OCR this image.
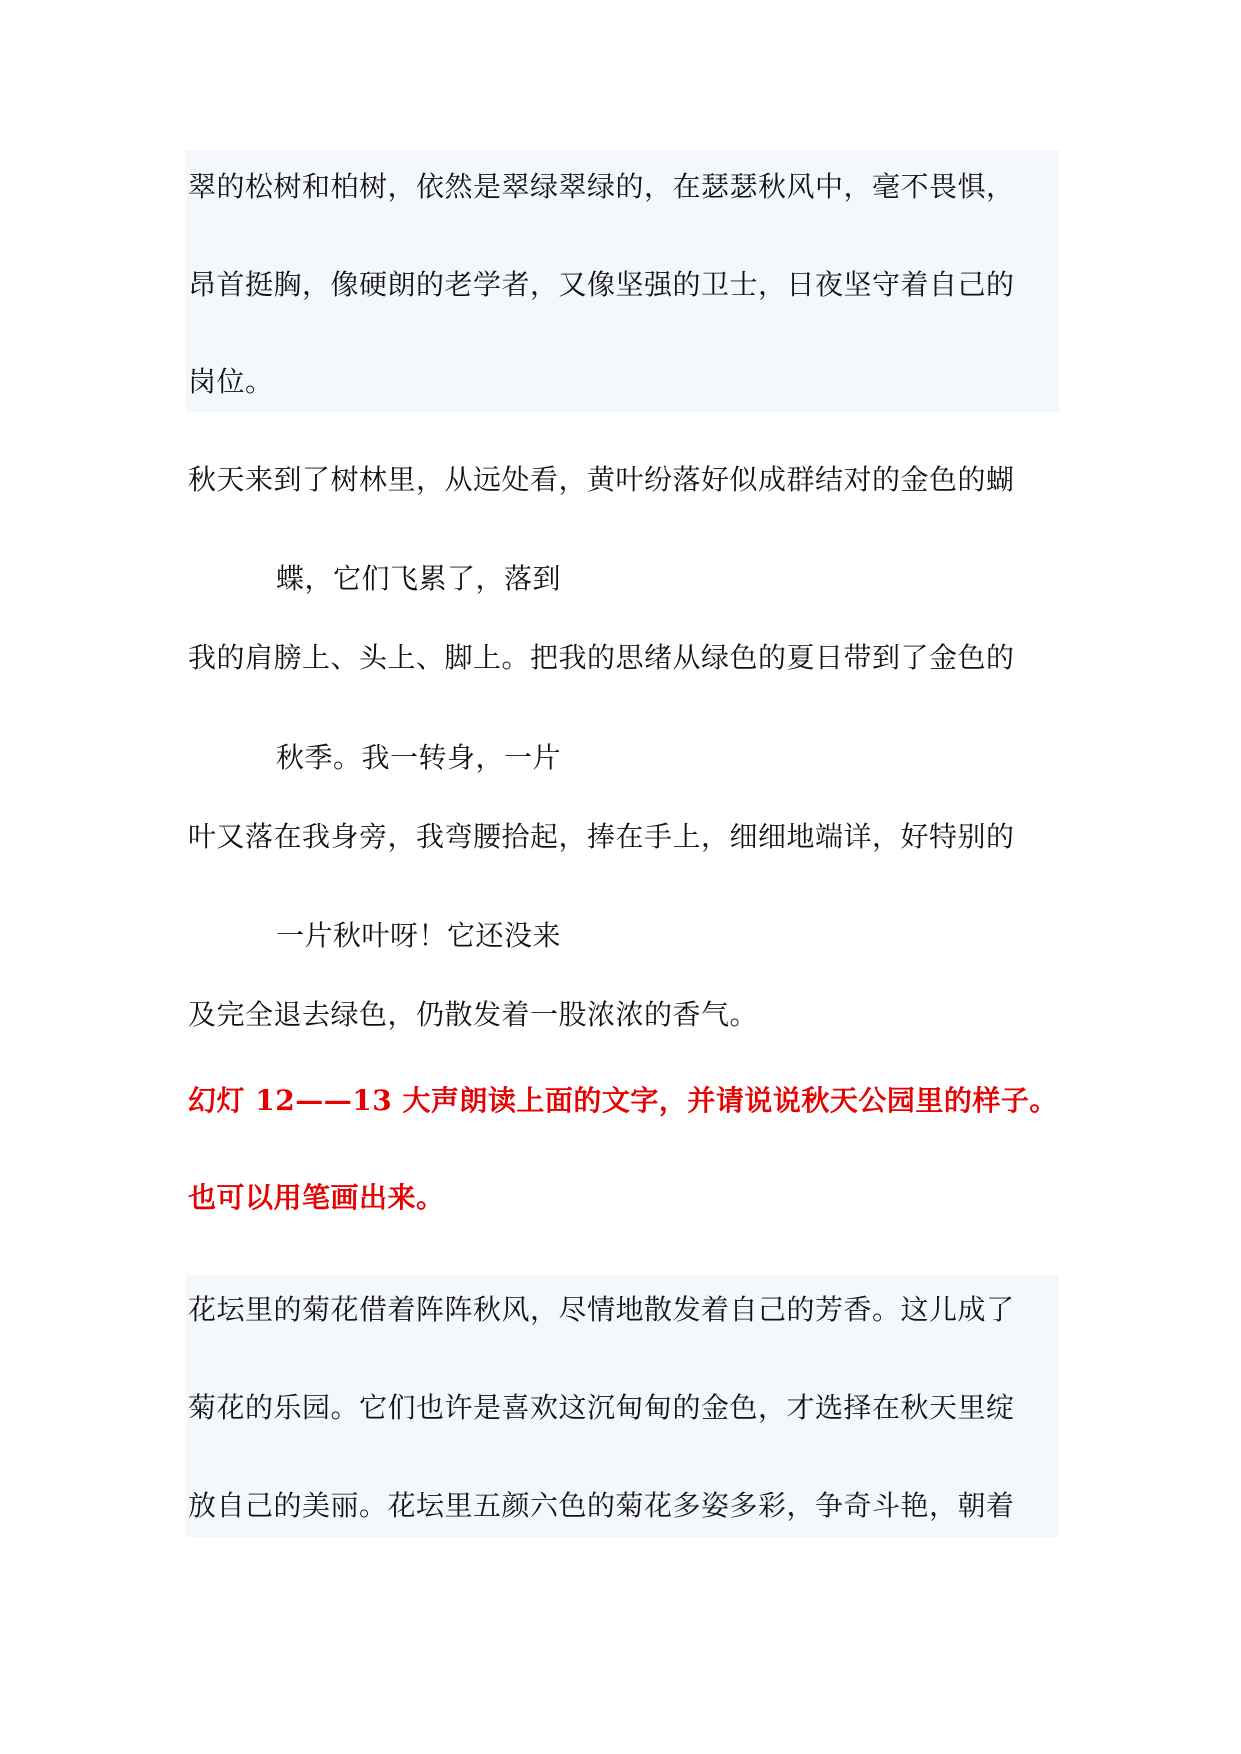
翠的松树和柏树，依然是翠绿翠绿的，在瑟瑟秋风中，毫不畏惧，
昂首挺胸，像硬朗的老学者，又像坚强的卫士，日夜坚守着自己的
岗位。
秋天来到了树林里，从远处看，黄叶纷落好似成群结对的金色的蝴
蝶，它们飞累了，落到
我的肩膀上、头上、脚上。把我的思绪从绿色的夏日带到了金色的
秋季。我一转身，一片
叶又落在我身旁，我弯腰拾起，捧在手上，细细地端详，好特别的
一片秋叶呀！它还没来
及完全退去绿色，仍散发着一股浓浓的香气。
幻灯 12——13 大声朗读上面的文字，并请说说秋天公园里的样子。
也可以用笔画出来。
花坛里的菊花借着阵阵秋风，尽情地散发着自己的芳香。这儿成了
菊花的乐园。它们也许是喜欢这沉甸甸的金色，才选择在秋天里绽
放自己的美丽。花坛里五颜六色的菊花多姿多彩，争奇斗艳，朝着
